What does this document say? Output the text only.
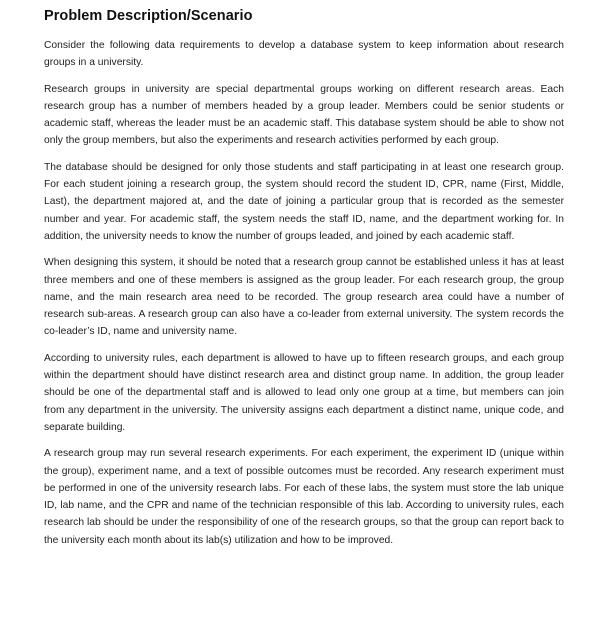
Problem Description/Scenario

Consider the following data requirements to develop a database system to keep information about research groups in a university.

Research groups in university are special departmental groups working on different research areas. Each research group has a number of members headed by a group leader. Members could be senior students or academic staff, whereas the leader must be an academic staff. This database system should be able to show not only the group members, but also the experiments and research activities performed by each group.

The database should be designed for only those students and staff participating in at least one research group. For each student joining a research group, the system should record the student ID, CPR, name (First, Middle, Last), the department majored at, and the date of joining a particular group that is recorded as the semester number and year. For academic staff, the system needs the staff ID, name, and the department working for. In addition, the university needs to know the number of groups leaded, and joined by each academic staff.

When designing this system, it should be noted that a research group cannot be established unless it has at least three members and one of these members is assigned as the group leader. For each research group, the group name, and the main research area need to be recorded. The group research area could have a number of research sub-areas. A research group can also have a co-leader from external university. The system records the co-leader’s ID, name and university name.

According to university rules, each department is allowed to have up to fifteen research groups, and each group within the department should have distinct research area and distinct group name. In addition, the group leader should be one of the departmental staff and is allowed to lead only one group at a time, but members can join from any department in the university. The university assigns each department a distinct name, unique code, and separate building.

A research group may run several research experiments. For each experiment, the experiment ID (unique within the group), experiment name, and a text of possible outcomes must be recorded. Any research experiment must be performed in one of the university research labs. For each of these labs, the system must store the lab unique ID, lab name, and the CPR and name of the technician responsible of this lab. According to university rules, each research lab should be under the responsibility of one of the research groups, so that the group can report back to the university each month about its lab(s) utilization and how to be improved.
